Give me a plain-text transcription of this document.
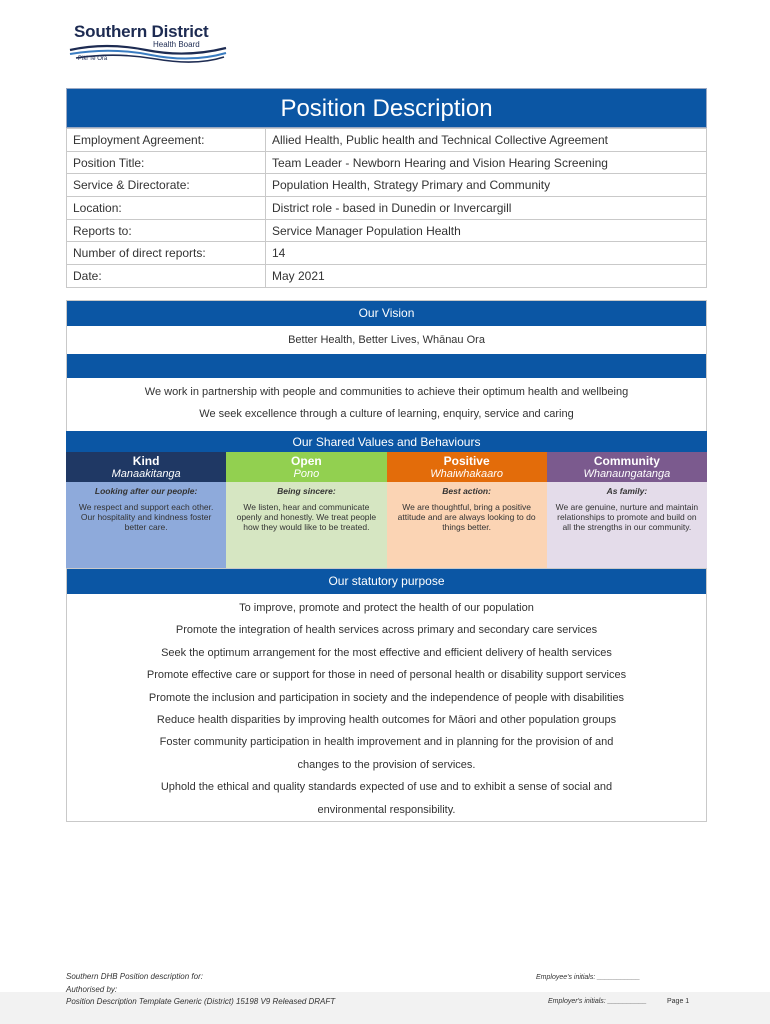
Southern District
Health Board
Piki Te Ora
Position Description
Employment Agreement:	Allied Health, Public health and Technical Collective Agreement
Position Title:	Team Leader - Newborn Hearing and Vision Hearing Screening
Service & Directorate:	Population Health, Strategy Primary and Community
Location:	District role - based in Dunedin or Invercargill
Reports to:	Service Manager Population Health
Number of direct reports:	14
Date:	May 2021
Our Vision
Better Health, Better Lives, Whānau Ora
We work in partnership with people and communities to achieve their optimum health and wellbeing
We seek excellence through a culture of learning, enquiry, service and caring
Our Shared Values and Behaviours
Kind
Manaakitanga
Looking after our people:
We respect and support each other. Our hospitality and kindness foster better care.
Open
Pono
Being sincere:
We listen, hear and communicate openly and honestly. We treat people how they would like to be treated.
Positive
Whaiwhakaaro
Best action:
We are thoughtful, bring a positive attitude and are always looking to do things better.
Community
Whanaungatanga
As family:
We are genuine, nurture and maintain relationships to promote and build on all the strengths in our community.
Our statutory purpose
To improve, promote and protect the health of our population
Promote the integration of health services across primary and secondary care services
Seek the optimum arrangement for the most effective and efficient delivery of health services
Promote effective care or support for those in need of personal health or disability support services
Promote the inclusion and participation in society and the independence of people with disabilities
Reduce health disparities by improving health outcomes for Māori and other population groups
Foster community participation in health improvement and in planning for the provision of and
changes to the provision of services.
Uphold the ethical and quality standards expected of use and to exhibit a sense of social and
environmental responsibility.
Southern DHB Position description for:
Authorised by:
Position Description Template Generic (District) 15198 V9 Released DRAFT
Employee's initials: ___________
Employer's initials: __________	Page 1
